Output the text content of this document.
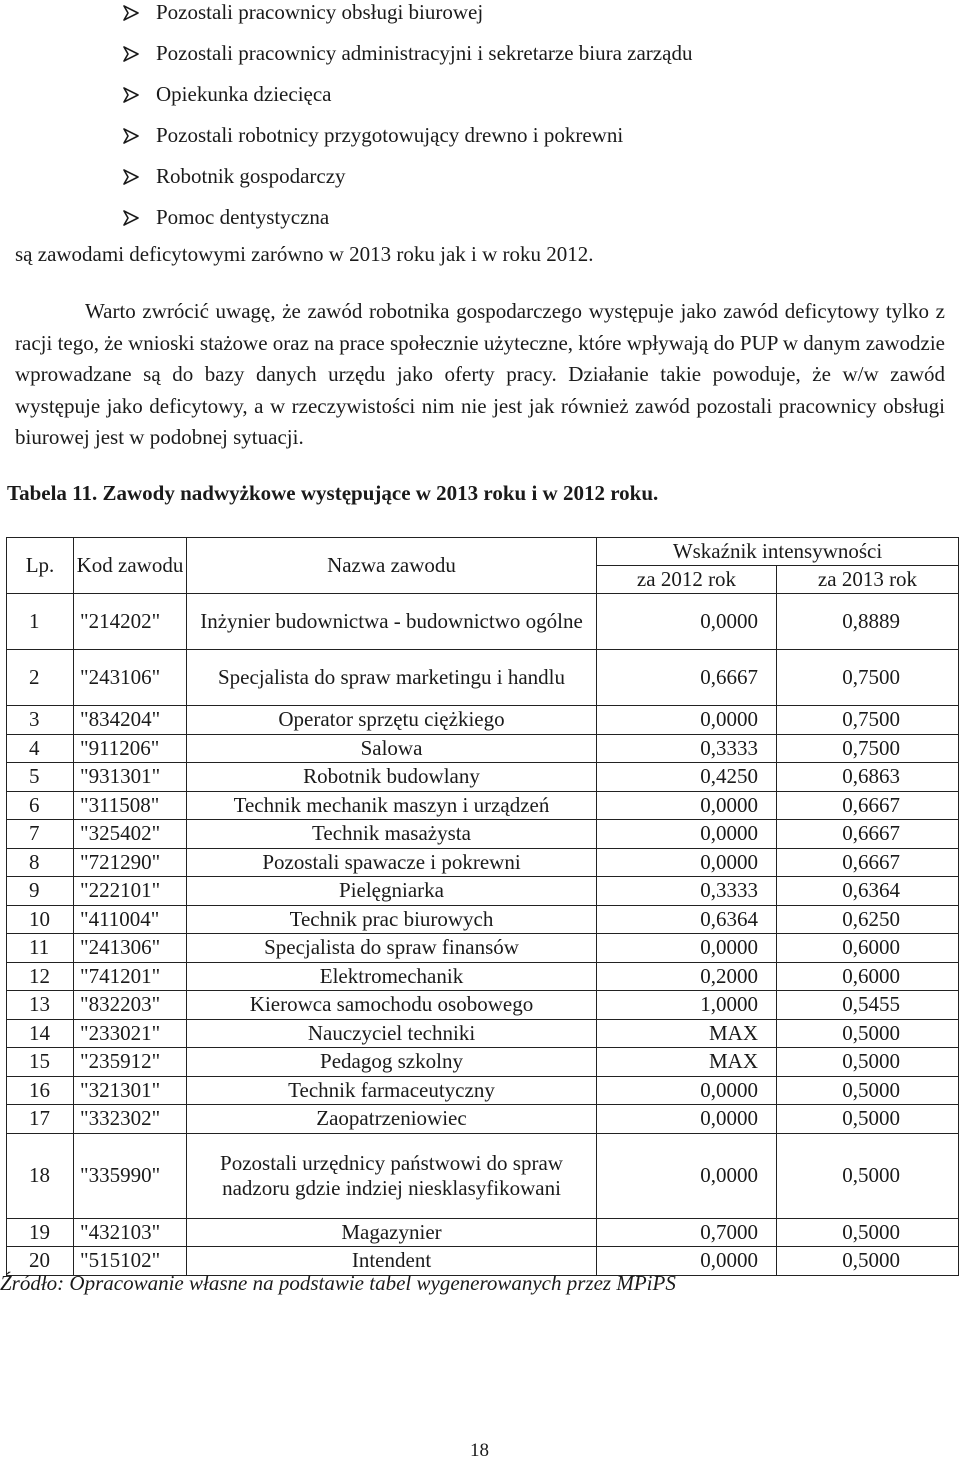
Pozostali pracownicy obsługi biurowej
Pozostali pracownicy administracyjni i sekretarze biura zarządu
Opiekunka dziecięca
Pozostali robotnicy przygotowujący drewno i pokrewni
Robotnik gospodarczy
Pomoc dentystyczna
są zawodami deficytowymi zarówno w 2013 roku jak i w roku 2012.

Warto zwrócić uwagę, że zawód robotnika gospodarczego występuje jako zawód deficytowy tylko z racji tego, że wnioski stażowe oraz na prace społecznie użyteczne, które wpływają do PUP w danym zawodzie wprowadzane są do bazy danych urzędu jako oferty pracy. Działanie takie powoduje, że w/w zawód występuje jako deficytowy, a w rzeczywistości nim nie jest jak również zawód pozostali pracownicy obsługi biurowej jest w podobnej sytuacji.

Tabela 11. Zawody nadwyżkowe występujące w 2013 roku i w 2012 roku.
Lp.	Kod zawodu	Nazwa zawodu	Wskaźnik intensywności	
			za 2012 rok	za 2013 rok
1	"214202"	Inżynier budownictwa - budownictwo ogólne	0,0000	0,8889
2	"243106"	Specjalista do spraw marketingu i handlu	0,6667	0,7500
3	"834204"	Operator sprzętu ciężkiego	0,0000	0,7500
4	"911206"	Salowa	0,3333	0,7500
5	"931301"	Robotnik budowlany	0,4250	0,6863
6	"311508"	Technik mechanik maszyn i urządzeń	0,0000	0,6667
7	"325402"	Technik masażysta	0,0000	0,6667
8	"721290"	Pozostali spawacze i pokrewni	0,0000	0,6667
9	"222101"	Pielęgniarka	0,3333	0,6364
10	"411004"	Technik prac biurowych	0,6364	0,6250
11	"241306"	Specjalista do spraw finansów	0,0000	0,6000
12	"741201"	Elektromechanik	0,2000	0,6000
13	"832203"	Kierowca samochodu osobowego	1,0000	0,5455
14	"233021"	Nauczyciel techniki	MAX	0,5000
15	"235912"	Pedagog szkolny	MAX	0,5000
16	"321301"	Technik farmaceutyczny	0,0000	0,5000
17	"332302"	Zaopatrzeniowiec	0,0000	0,5000
18	"335990"	Pozostali urzędnicy państwowi do spraw nadzoru gdzie indziej niesklasyfikowani	0,0000	0,5000
19	"432103"	Magazynier	0,7000	0,5000
20	"515102"	Intendent	0,0000	0,5000
Źródło: Opracowanie własne na podstawie tabel wygenerowanych przez MPiPS
18
